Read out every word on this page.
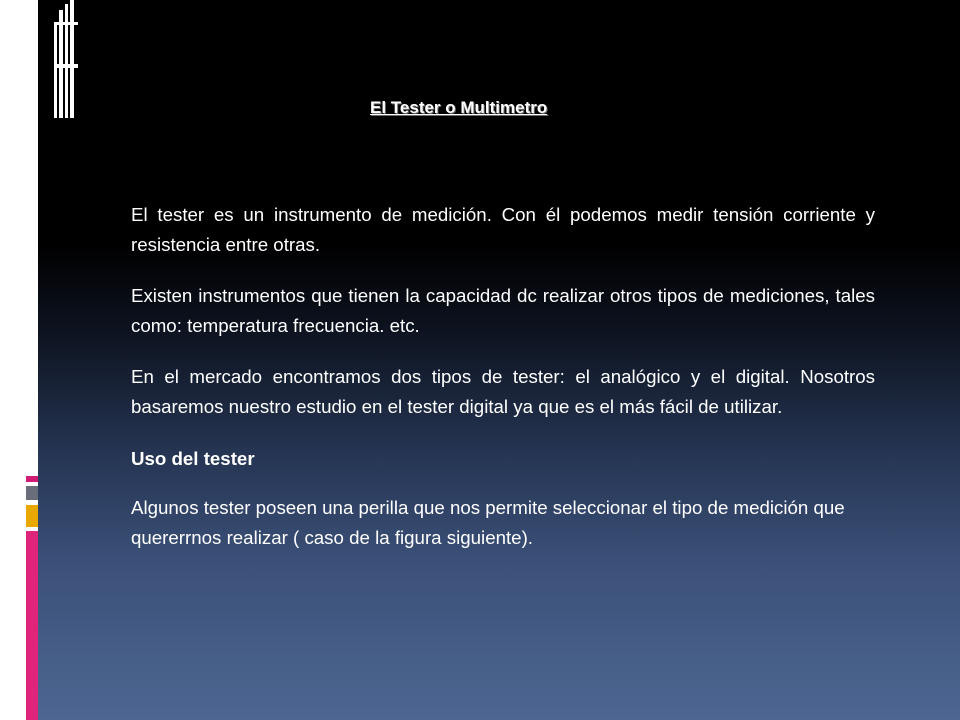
El Tester o Multimetro

El tester es un instrumento de medición. Con él podemos medir tensión corriente y resistencia entre otras.

Existen instrumentos que tienen la capacidad dc realizar otros tipos de mediciones, tales como: temperatura frecuencia. etc.

En el mercado encontramos dos tipos de tester: el analógico y el digital. Nosotros basaremos nuestro estudio en el tester digital ya que es el más fácil de utilizar.

Uso del tester

Algunos tester poseen una perilla que nos permite seleccionar el tipo de medición que quererrnos realizar ( caso de la figura siguiente).
